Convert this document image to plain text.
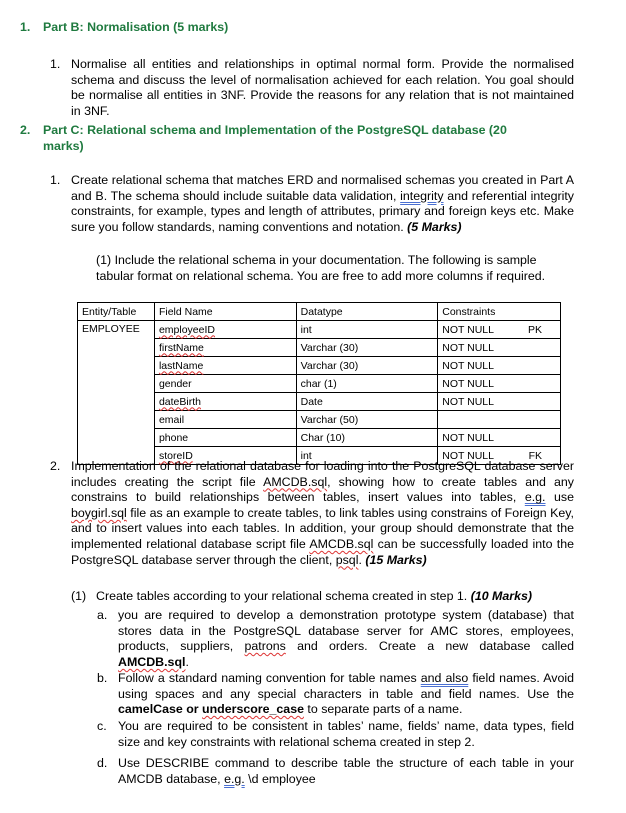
1. Part B: Normalisation (5 marks)
1. Normalise all entities and relationships in optimal normal form. Provide the normalised schema and discuss the level of normalisation achieved for each relation. You goal should be normalise all entities in 3NF. Provide the reasons for any relation that is not maintained in 3NF.
2. Part C: Relational schema and Implementation of the PostgreSQL database (20
marks)
1. Create relational schema that matches ERD and normalised schemas you created in Part A and B. The schema should include suitable data validation, integrity and referential integrity constraints, for example, types and length of attributes, primary and foreign keys etc. Make sure you follow standards, naming conventions and notation. (5 Marks)
(1) Include the relational schema in your documentation. The following is sample tabular format on relational schema. You are free to add more columns if required.
Entity/Table	Field Name	Datatype	Constraints
EMPLOYEE	employeeID	int	NOT NULL PK

	firstName	Varchar (30)	NOT NULL
	lastName	Varchar (30)	NOT NULL
	gender	char (1)	NOT NULL
	dateBirth	Date	NOT NULL
	email	Varchar (50)	
	phone	Char (10)	NOT NULL
	storeID	int	NOT NULL FK
2. Implementation of the relational database for loading into the PostgreSQL database server includes creating the script file AMCDB.sql, showing how to create tables and any constrains to build relationships between tables, insert values into tables, e.g. use boygirl.sql file as an example to create tables, to link tables using constrains of Foreign Key, and to insert values into each tables. In addition, your group should demonstrate that the implemented relational database script file AMCDB.sql can be successfully loaded into the PostgreSQL database server through the client, psql. (15 Marks)
(1) Create tables according to your relational schema created in step 1. (10 Marks)
a. you are required to develop a demonstration prototype system (database) that stores data in the PostgreSQL database server for AMC stores, employees, products, suppliers, patrons and orders. Create a new database called AMCDB.sql.
b. Follow a standard naming convention for table names and also field names. Avoid using spaces and any special characters in table and field names. Use the camelCase or underscore_case to separate parts of a name.
c. You are required to be consistent in tables’ name, fields’ name, data types, field size and key constraints with relational schema created in step 2.
d. Use DESCRIBE command to describe table the structure of each table in your AMCDB database, e.g. \d employee
